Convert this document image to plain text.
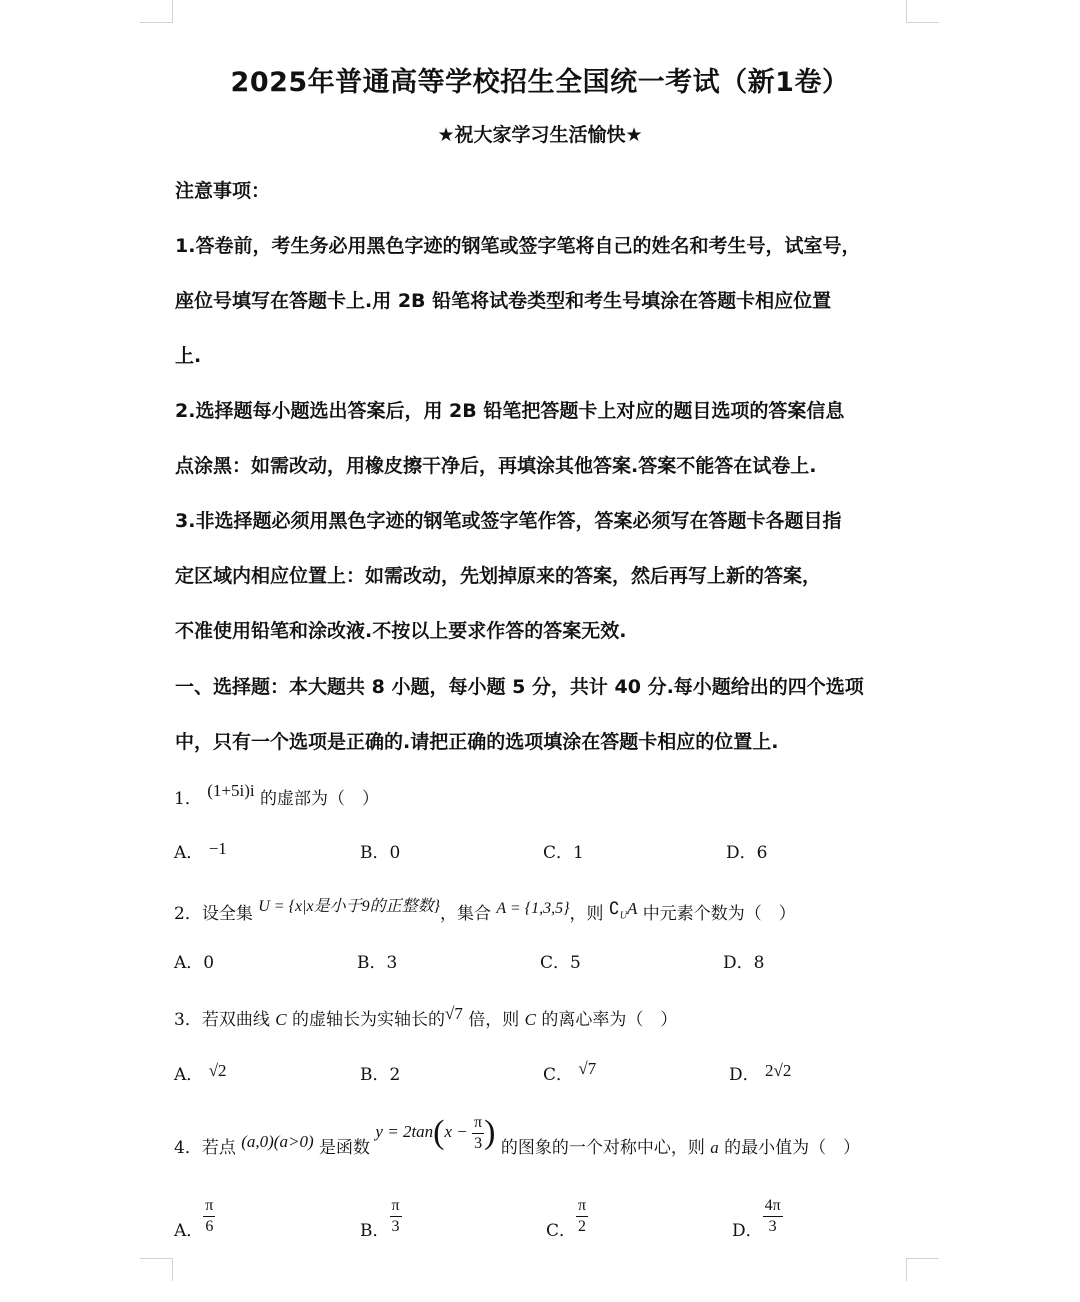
2025年普通高等学校招生全国统一考试（新1卷）
★祝大家学习生活愉快★
注意事项：
1.答卷前，考生务必用黑色字迹的钢笔或签字笔将自己的姓名和考生号，试室号，
座位号填写在答题卡上.用 2B 铅笔将试卷类型和考生号填涂在答题卡相应位置
上.
2.选择题每小题选出答案后，用 2B 铅笔把答题卡上对应的题目选项的答案信息
点涂黑：如需改动，用橡皮擦干净后，再填涂其他答案.答案不能答在试卷上.
3.非选择题必须用黑色字迹的钢笔或签字笔作答，答案必须写在答题卡各题目指
定区域内相应位置上：如需改动，先划掉原来的答案，然后再写上新的答案，
不准使用铅笔和涂改液.不按以上要求作答的答案无效.
一、选择题：本大题共 8 小题，每小题 5 分，共计 40 分.每小题给出的四个选项
中，只有一个选项是正确的.请把正确的选项填涂在答题卡相应的位置上.
1． (1+5i)i 的虚部为（　）
A． −1	B．0	C．1	D．6
2．设全集 U = {x|x是小于9的正整数}，集合 A = {1,3,5}，则 $∁_UA$ 中元素个数为（　）
A．0	B．3	C．5	D．8
3．若双曲线 C 的虚轴长为实轴长的√7 倍，则 C 的离心率为（　）
A． √2	B．2	C． √7	D． 2√2
4．若点 (a,0)(a>0) 是函数 $y = 2\tan(x - \frac{\pi}{3}$ ) 的图象的一个对称中心，则 a 的最小值为（　）
A． $\frac{\pi}{6}$	B． $\frac{\pi}{3}$	C． $\frac{\pi}{2}$	D． $\frac{4\pi}{3}$
